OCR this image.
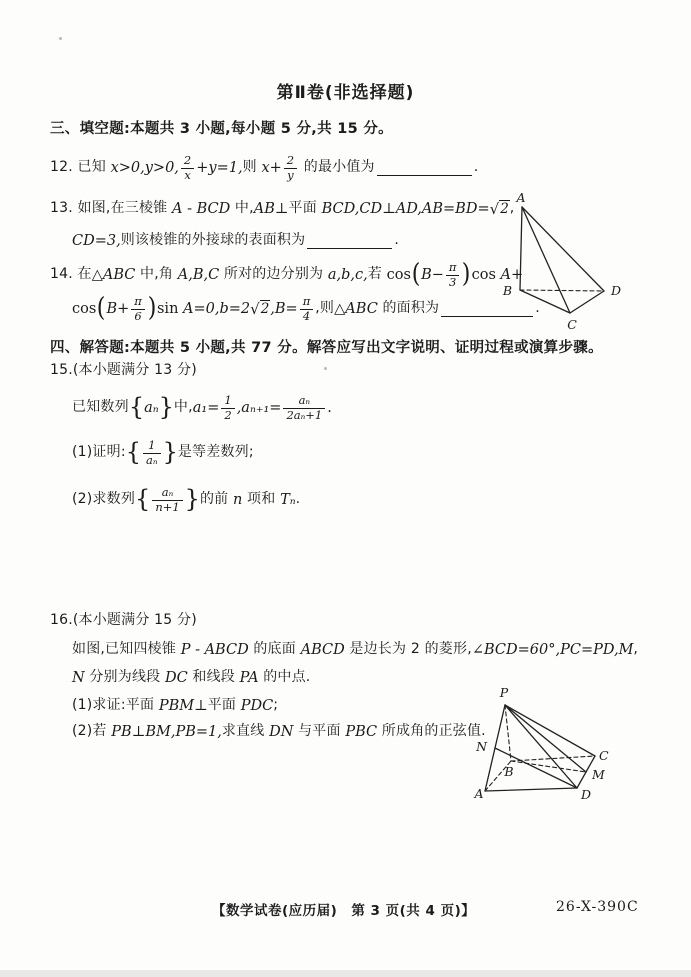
第Ⅱ卷(非选择题)
三、填空题:本题共 3 小题,每小题 5 分,共 15 分。
12. 已知 x>0,y>0, $\frac{2}{x} +y=1$, 则 $x+ \frac{2}{y}$ 的最小值为	.
13. 如图,在三棱锥 A - BCD 中, AB ⊥ 平面 BCD,CD ⊥ AD,AB=BD= √ 2 ,
CD=3, 则该棱锥的外接球的表面积为	.
A
B
C
D
14. 在 △ABC 中,角 A,B,C 所对的边分别为 a,b,c, 若 cos ( $B- \frac{\pi}{3}$ ) cos A +
cos ( $B+ \frac{\pi}{6}$ ) sin A=0,b=2 √ 2 $,B= \frac{\pi}{4}$ ,则 △ABC 的面积为	.
四、解答题:本题共 5 小题,共 77 分。解答应写出文字说明、证明过程或演算步骤。
15.(本小题满分 13 分)
已知数列 { aₙ } 中, $a_1= \frac{1}{2} ,a_{n+1}= \frac{\text{aₙ}}{\text{2aₙ+1}}$ .
(1)证明: { $\frac{1}{\text{aₙ}}$ } 是等差数列;
(2)求数列 { $\frac{\text{aₙ}}{n+1}$ } 的前 n 项和 Tₙ .
16.(本小题满分 15 分)
如图,已知四棱锥 P - ABCD 的底面 ABCD 是边长为 2 的菱形, ∠BCD=60°,PC=PD,M ,
N 分别为线段 DC 和线段 PA 的中点.
(1)求证:平面 PBM ⊥ 平面 PDC ;
(2)若 PB ⊥ BM,PB=1, 求直线 DN 与平面 PBC 所成角的正弦值.
P
N
B
C
M
A	D
【数学试卷(应历届)　第 3 页(共 4 页)】	26-X-390C
